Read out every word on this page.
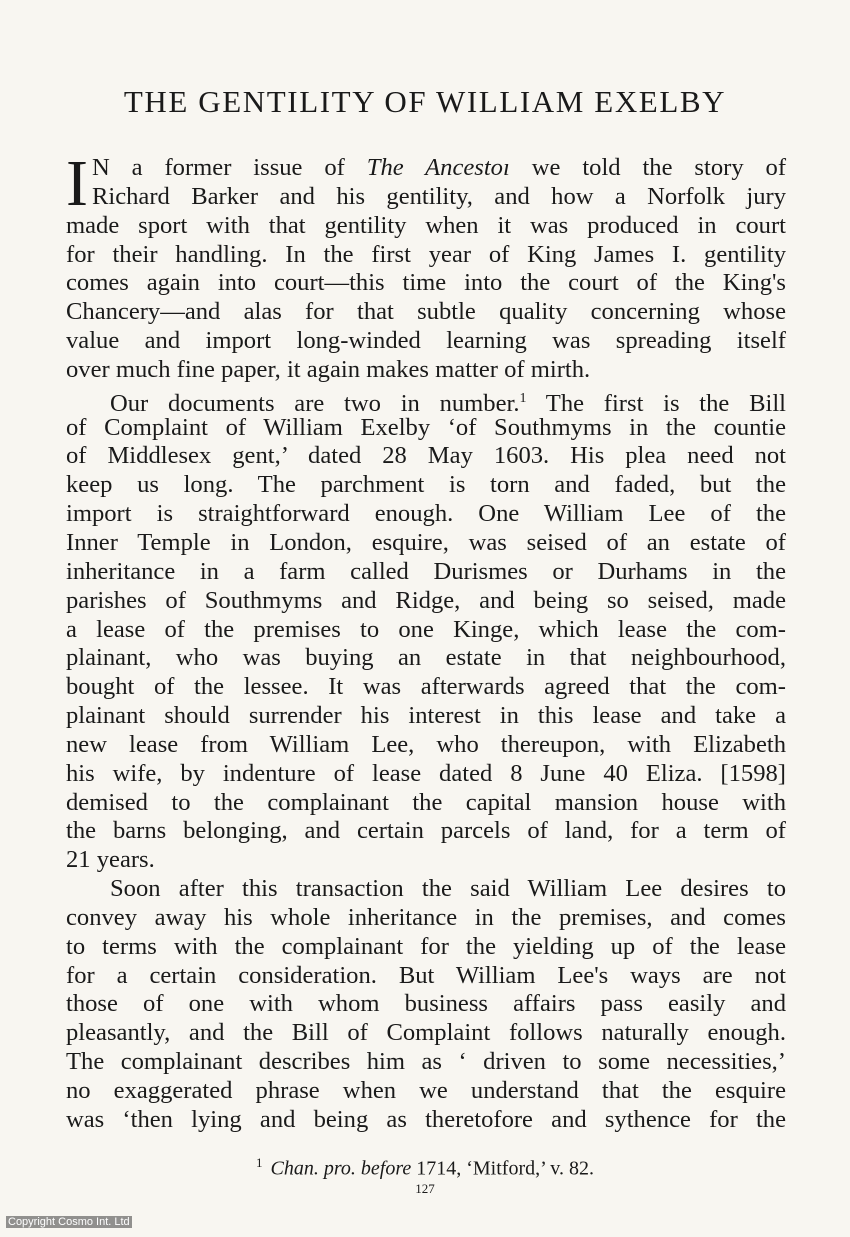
THE GENTILITY OF WILLIAM EXELBY
I N a former issue of The Ancestoı we told the story of
Richard Barker and his gentility, and how a Norfolk jury
made sport with that gentility when it was produced in court
for their handling. In the first year of King James I. gentility
comes again into court—this time into the court of the King's
Chancery—and alas for that subtle quality concerning whose
value and import long-winded learning was spreading itself
over much fine paper, it again makes matter of mirth.
Our documents are two in number.$^1$ The first is the Bill
of Complaint of William Exelby ‘of Southmyms in the countie
of Middlesex gent,’ dated 28 May 1603. His plea need not
keep us long. The parchment is torn and faded, but the
import is straightforward enough. One William Lee of the
Inner Temple in London, esquire, was seised of an estate of
inheritance in a farm called Durismes or Durhams in the
parishes of Southmyms and Ridge, and being so seised, made
a lease of the premises to one Kinge, which lease the com-
plainant, who was buying an estate in that neighbourhood,
bought of the lessee. It was afterwards agreed that the com-
plainant should surrender his interest in this lease and take a
new lease from William Lee, who thereupon, with Elizabeth
his wife, by indenture of lease dated 8 June 40 Eliza. [1598]
demised to the complainant the capital mansion house with
the barns belonging, and certain parcels of land, for a term of
21 years.
Soon after this transaction the said William Lee desires to
convey away his whole inheritance in the premises, and comes
to terms with the complainant for the yielding up of the lease
for a certain consideration. But William Lee's ways are not
those of one with whom business affairs pass easily and
pleasantly, and the Bill of Complaint follows naturally enough.
The complainant describes him as ‘ driven to some necessities,’
no exaggerated phrase when we understand that the esquire
was ‘then lying and being as theretofore and sythence for the
$^1$ Chan. pro. before 1714, ‘Mitford,’ v. 82.
127
Copyright Cosmo Int. Ltd
